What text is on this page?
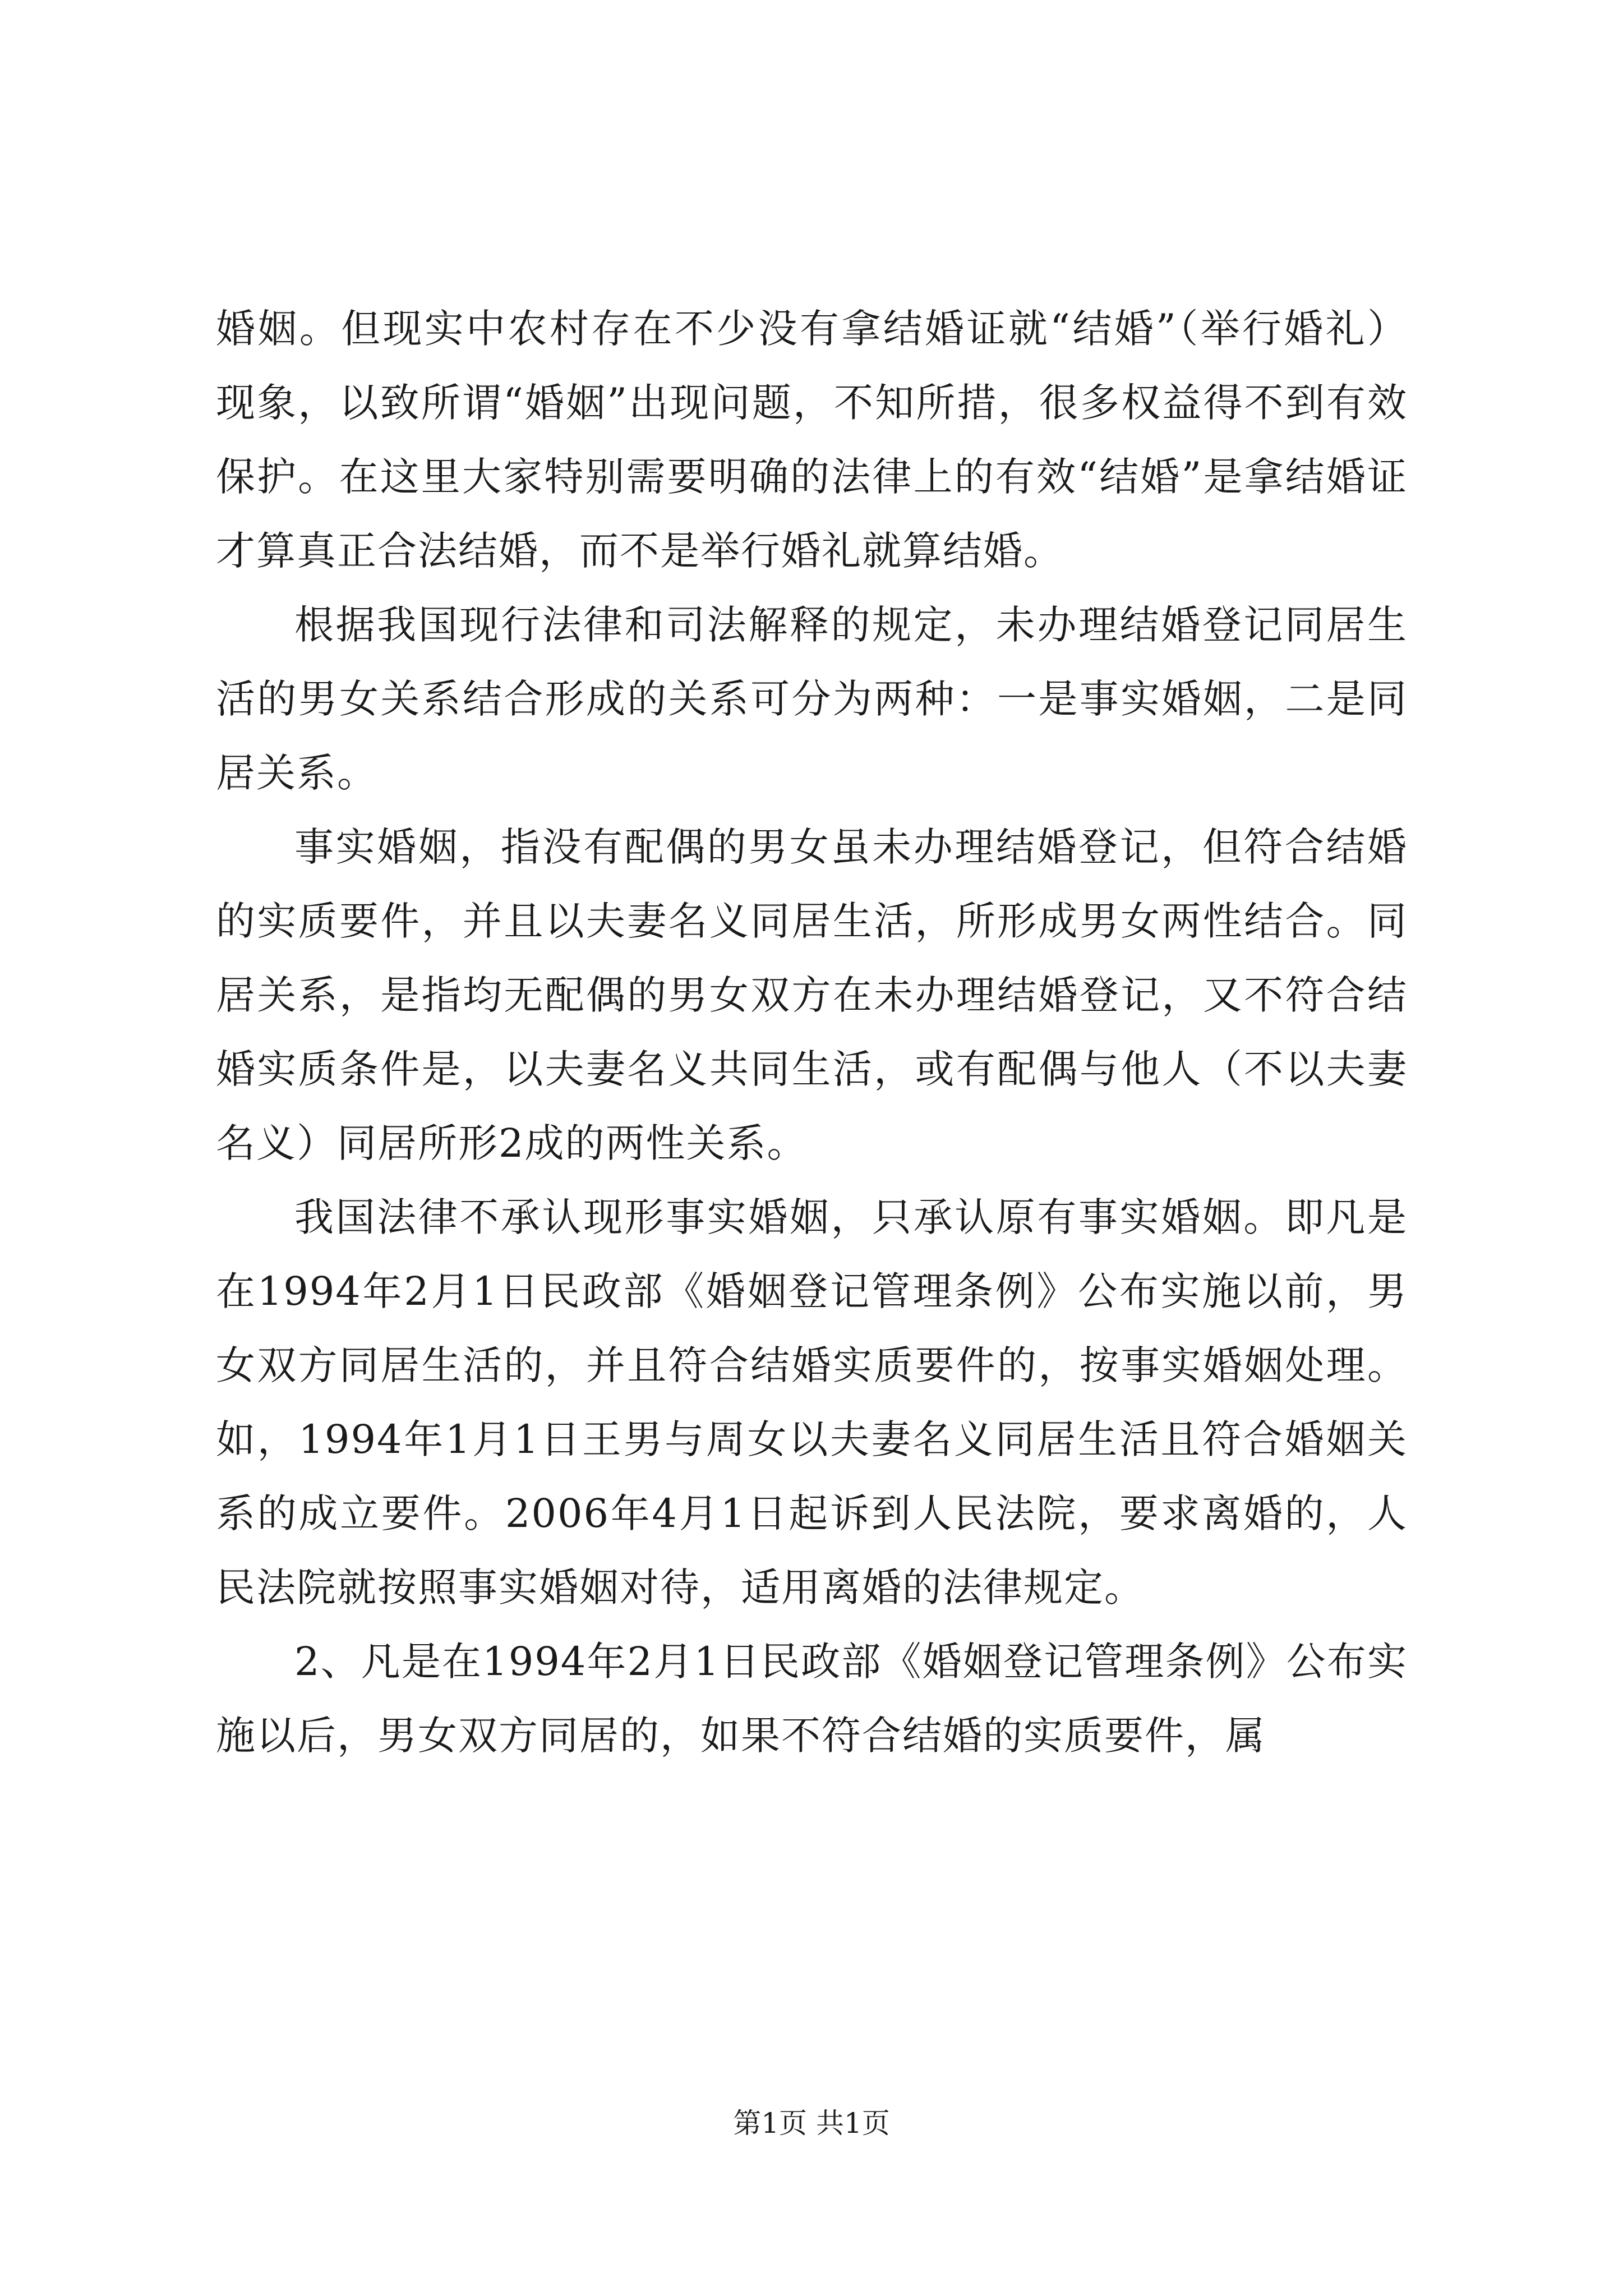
婚姻。但现实中农村存在不少没有拿结婚证就“结婚”（举行婚礼）现象，以致所谓“婚姻”出现问题，不知所措，很多权益得不到有效保护。在这里大家特别需要明确的法律上的有效“结婚”是拿结婚证才算真正合法结婚，而不是举行婚礼就算结婚。

根据我国现行法律和司法解释的规定，未办理结婚登记同居生活的男女关系结合形成的关系可分为两种：一是事实婚姻，二是同居关系。

事实婚姻，指没有配偶的男女虽未办理结婚登记，但符合结婚的实质要件，并且以夫妻名义同居生活，所形成男女两性结合。同居关系，是指均无配偶的男女双方在未办理结婚登记，又不符合结婚实质条件是，以夫妻名义共同生活，或有配偶与他人（不以夫妻名义）同居所形2成的两性关系。

我国法律不承认现形事实婚姻，只承认原有事实婚姻。即凡是在1994年2月1日民政部《婚姻登记管理条例》公布实施以前，男女双方同居生活的，并且符合结婚实质要件的，按事实婚姻处理。如，1994年1月1日王男与周女以夫妻名义同居生活且符合婚姻关系的成立要件。2006年4月1日起诉到人民法院，要求离婚的，人民法院就按照事实婚姻对待，适用离婚的法律规定。

2、凡是在1994年2月1日民政部《婚姻登记管理条例》公布实施以后，男女双方同居的，如果不符合结婚的实质要件，属

第1页 共1页
